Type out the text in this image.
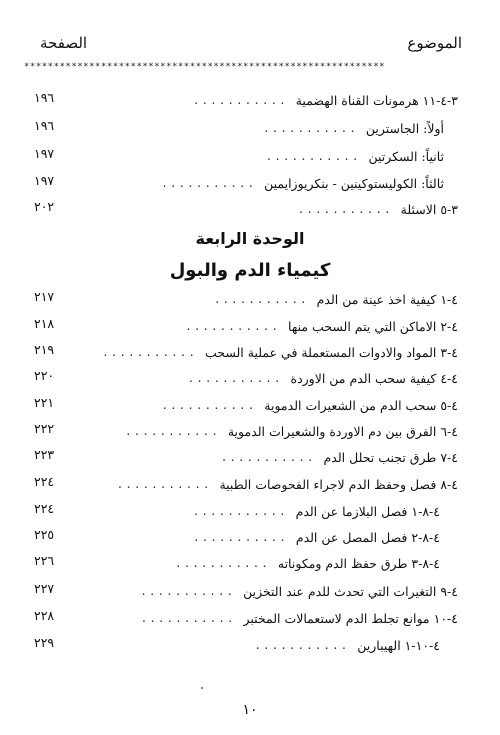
الموضوع
الصفحة
*************************************************************
٣-٤-١١ هرمونات القناة الهضمية
...........
١٩٦
أولاً: الجاسترين
...........
١٩٦
ثانياً: السكرتين
...........
١٩٧
ثالثاً: الكوليستوكينين - بنكريوزايمين
...........
١٩٧
٣-٥ الاسئلة
...........
٢٠٢
الوحدة الرابعة
كيمياء الدم والبول
٤-١ كيفية اخذ عينة من الدم
...........
٢١٧
٤-٢ الاماكن التي يتم السحب منها
...........
٢١٨
٤-٣ المواد والادوات المستعملة في عملية السحب
...........
٢١٩
٤-٤ كيفية سحب الدم من الاوردة
...........
٢٢٠
٤-٥ سحب الدم من الشعيرات الدموية
...........
٢٢١
٤-٦ الفرق بين دم الاوردة والشعيرات الدموية
...........
٢٢٢
٤-٧ طرق تجنب تحلل الدم
...........
٢٢٣
٤-٨ فصل وحفظ الدم لاجراء الفحوصات الطبية
...........
٢٢٤
٤-٨-١ فصل البلازما عن الدم
...........
٢٢٤
٤-٨-٢ فصل المصل عن الدم
...........
٢٢٥
٤-٨-٣ طرق حفظ الدم ومكوناته
...........
٢٢٦
٤-٩ التغيرات التي تحدث للدم عند التخزين
...........
٢٢٧
٤-١٠ موانع تجلط الدم لاستعمالات المختبر
...........
٢٢٨
٤-١٠-١ الهيبارين
...........
٢٢٩
١٠
